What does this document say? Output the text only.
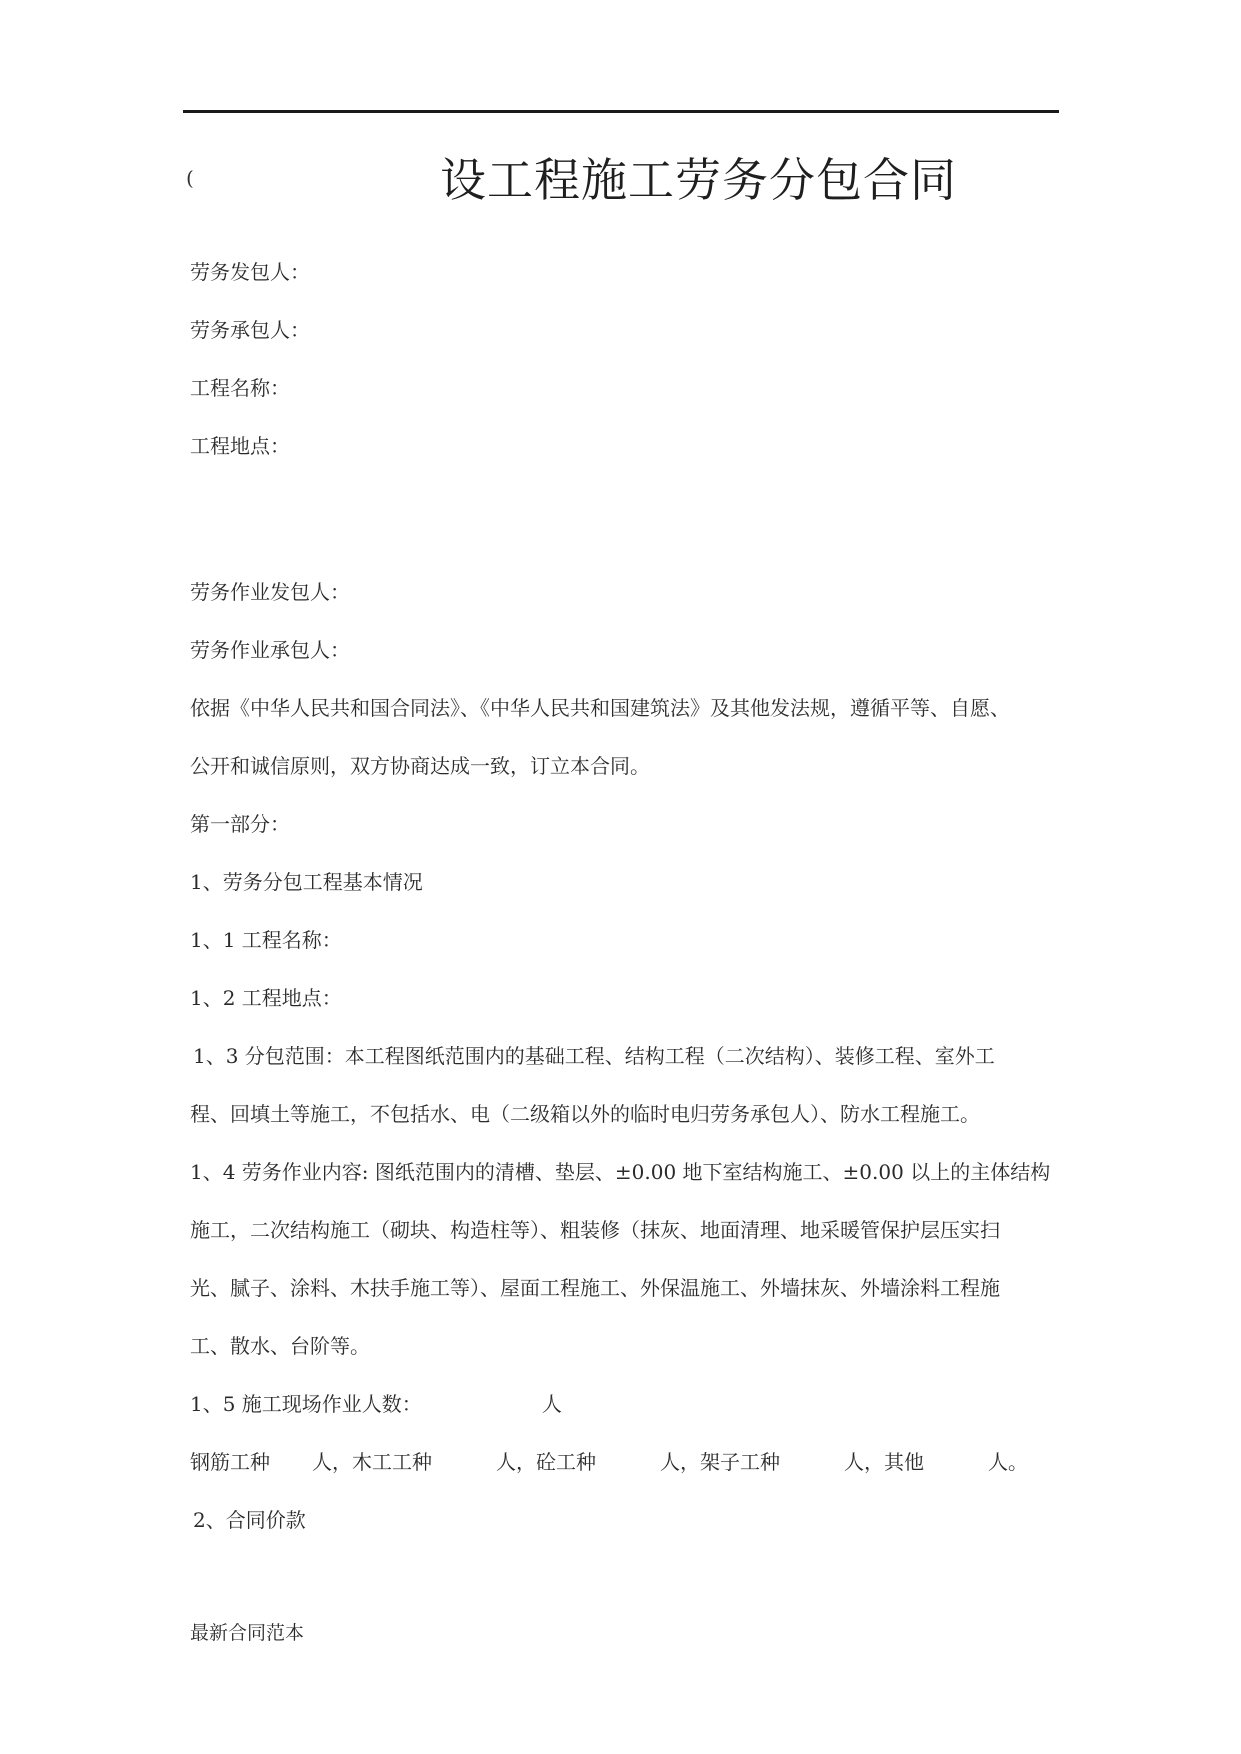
(	设工程施工劳务分包合同
劳务发包人：
劳务承包人：
工程名称：
工程地点：
劳务作业发包人：
劳务作业承包人：
依据《中华人民共和国合同法》、《中华人民共和国建筑法》及其他发法规，遵循平等、自愿、
公开和诚信原则，双方协商达成一致，订立本合同。
第一部分：
1、劳务分包工程基本情况
1、1 工程名称：
1、2 工程地点：
1、3 分包范围：本工程图纸范围内的基础工程、结构工程（二次结构）、装修工程、室外工
程、回填土等施工，不包括水、电（二级箱以外的临时电归劳务承包人）、防水工程施工。
1、4 劳务作业内容: 图纸范围内的清槽、垫层、±0.00 地下室结构施工、±0.00 以上的主体结构
施工，二次结构施工（砌块、构造柱等）、粗装修（抹灰、地面清理、地采暖管保护层压实扫
光、腻子、涂料、木扶手施工等）、屋面工程施工、外保温施工、外墙抹灰、外墙涂料工程施
工、散水、台阶等。
1、5 施工现场作业人数：	人
钢筋工种 人，木工工种	人，砼工种	人，架子工种	人，其他	人。
2、合同价款
最新合同范本
